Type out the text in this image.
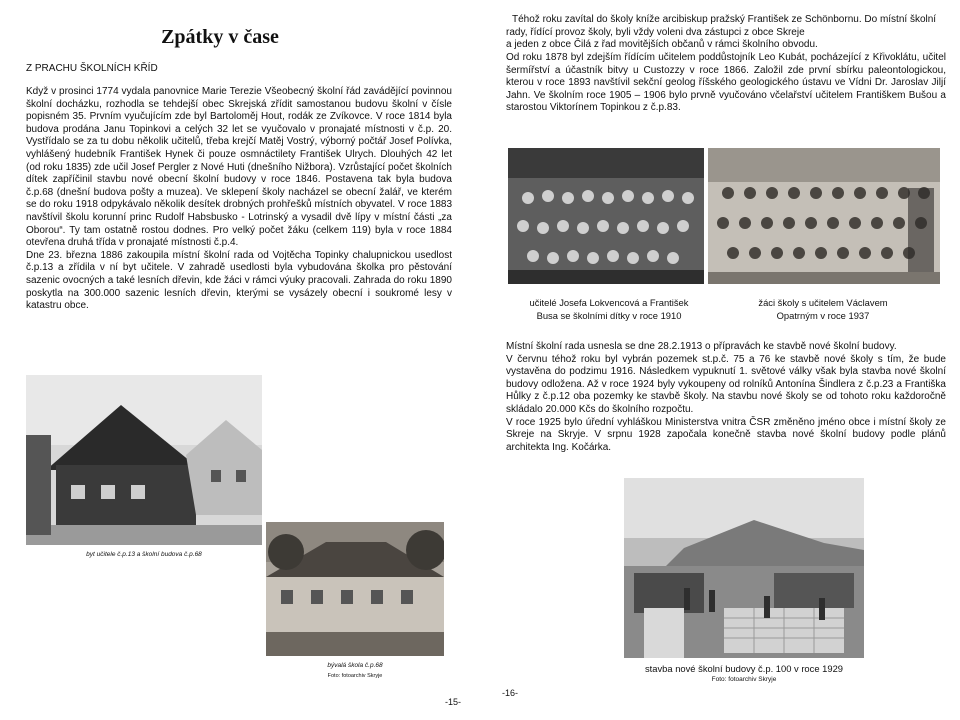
Zpátky v čase
Z PRACHU ŠKOLNÍCH KŘÍD

Když v prosinci 1774 vydala panovnice Marie Terezie Všeobecný školní řád zavádějící povinnou školní docházku, rozhodla se tehdejší obec Skrejská zřídit samostanou budovu školní v čísle popisném 35. Prvním vyučujícím zde byl Bartoloměj Hout, rodák ze Zvíkovce. V roce 1814 byla budova prodána Janu Topinkovi a celých 32 let se vyučovalo v pronajaté místnosti v č.p. 20. Vystřídalo se za tu dobu několik učitelů, třeba krejčí Matěj Vostrý, výborný počtář Josef Polívka, vyhlášený hudebník František Hynek či pouze osmnáctilety František Ulrych. Dlouhých 42 let (od roku 1835) zde učil Josef Pergler z Nové Huti (dnešního Nižbora). Vzrůstající počet školních dítek zapříčinil stavbu nové obecní školní budovy v roce 1846. Postavena tak byla budova č.p.68 (dnešní budova pošty a muzea). Ve sklepení školy nacházel se obecní žalář, ve kterém se do roku 1918 odpykávalo několik desítek drobných prohřešků místních obyvatel. V roce 1883 navštívil školu korunní princ Rudolf Habsbusko - Lotrinský a vysadil dvě lípy v místní části „za Oborou“. Ty tam ostatně rostou dodnes. Pro velký počet žáku (celkem 119) byla v roce 1884 otevřena druhá třída v pronajaté místnosti č.p.4.

Dne 23. března 1886 zakoupila místní školní rada od Vojtěcha Topinky chalupnickou usedlost č.p.13 a zřídila v ní byt učitele. V zahradě usedlosti byla vybudována školka pro pěstování sazenic ovocných a také lesních dřevin, kde žáci v rámci výuky pracovali. Zahrada do roku 1890 poskytla na 300.000 sazenic lesních dřevin, kterými se vysázely obecní i soukromé lesy v katastru obce.

byt učitele č.p.13 a školní budova č.p.68
bývalá škola č.p.68
Foto: fotoarchiv Skryje
-15-

Téhož roku zavítal do školy kníže arcibiskup pražský František ze Schönbornu. Do místní školní

rady, řídící provoz školy, byli vždy voleni dva zástupci z obce Skreje

a jeden z obce Čilá z řad movitějších občanů v rámci školního obvodu.

Od roku 1878 byl zdejším řídícím učitelem poddůstojník Leo Kubát, pocházející z Křivoklátu, učitel šermířství a účastník bitvy u Custozzy v roce 1866. Založil zde první sbírku paleontologickou, kterou v roce 1893 navštívil sekční geolog říšského geologického ústavu ve Vídni Dr. Jaroslav Jiljí Jahn. Ve školním roce 1905 – 1906 bylo prvně vyučováno včelařství učitelem Františkem Bušou a starostou Viktorínem Topinkou z č.p.83.

učitelé Josefa Lokvencová a František Busa se školními dítky v roce 1910
žáci školy s učitelem Václavem Opatrným v roce 1937

Místní školní rada usnesla se dne 28.2.1913 o přípravách ke stavbě nové školní budovy.

V červnu téhož roku byl vybrán pozemek st.p.č. 75 a 76 ke stavbě nové školy s tím, že bude vystavěna do podzimu 1916. Následkem vypuknutí 1. světové války však byla stavba nové školní budovy odložena. Až v roce 1924 byly vykoupeny od rolníků Antonína Šindlera z č.p.23 a Františka Hůlky z č.p.12 oba pozemky ke stavbě školy. Na stavbu nové školy se od tohoto roku každoročně skládalo 20.000 Kčs do školního rozpočtu.

V roce 1925 bylo úřední vyhláškou Ministerstva vnitra ČSR změněno jméno obce i místní školy ze Skreje na Skryje. V srpnu 1928 započala konečně stavba nové školní budovy podle plánů architekta Ing. Kočárka.

stavba nové školní budovy č.p. 100 v roce 1929
Foto: fotoarchiv Skryje
-16-
